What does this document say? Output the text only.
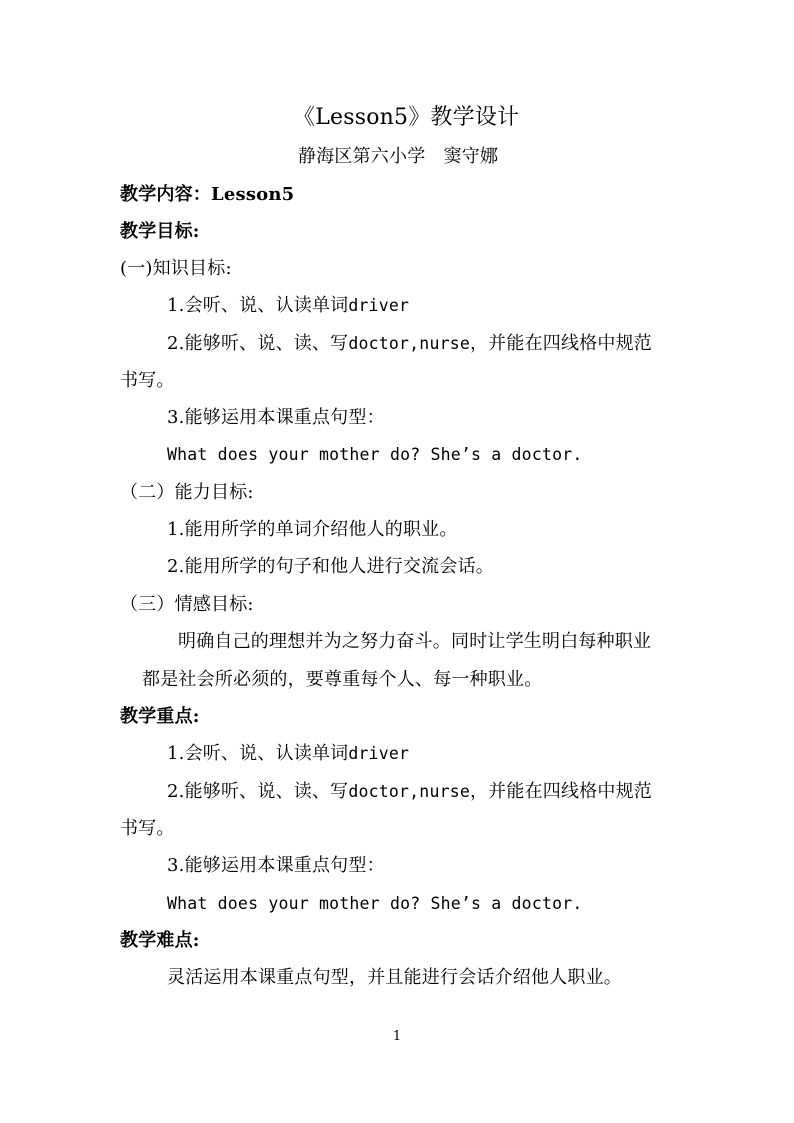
《Lesson5》教学设计
静海区第六小学　窦守娜
教学内容：Lesson5
教学目标:
(一)知识目标:
1.会听、说、认读单词driver
2.能够听、说、读、写doctor,nurse，并能在四线格中规范
书写。
3.能够运用本课重点句型：
What does your mother do? She’s a doctor.
（二）能力目标:
1.能用所学的单词介绍他人的职业。
2.能用所学的句子和他人进行交流会话。
（三）情感目标:
明确自己的理想并为之努力奋斗。同时让学生明白每种职业
都是社会所必须的，要尊重每个人、每一种职业。
教学重点:
1.会听、说、认读单词driver
2.能够听、说、读、写doctor,nurse，并能在四线格中规范
书写。
3.能够运用本课重点句型：
What does your mother do? She’s a doctor.
教学难点:
灵活运用本课重点句型，并且能进行会话介绍他人职业。
1
